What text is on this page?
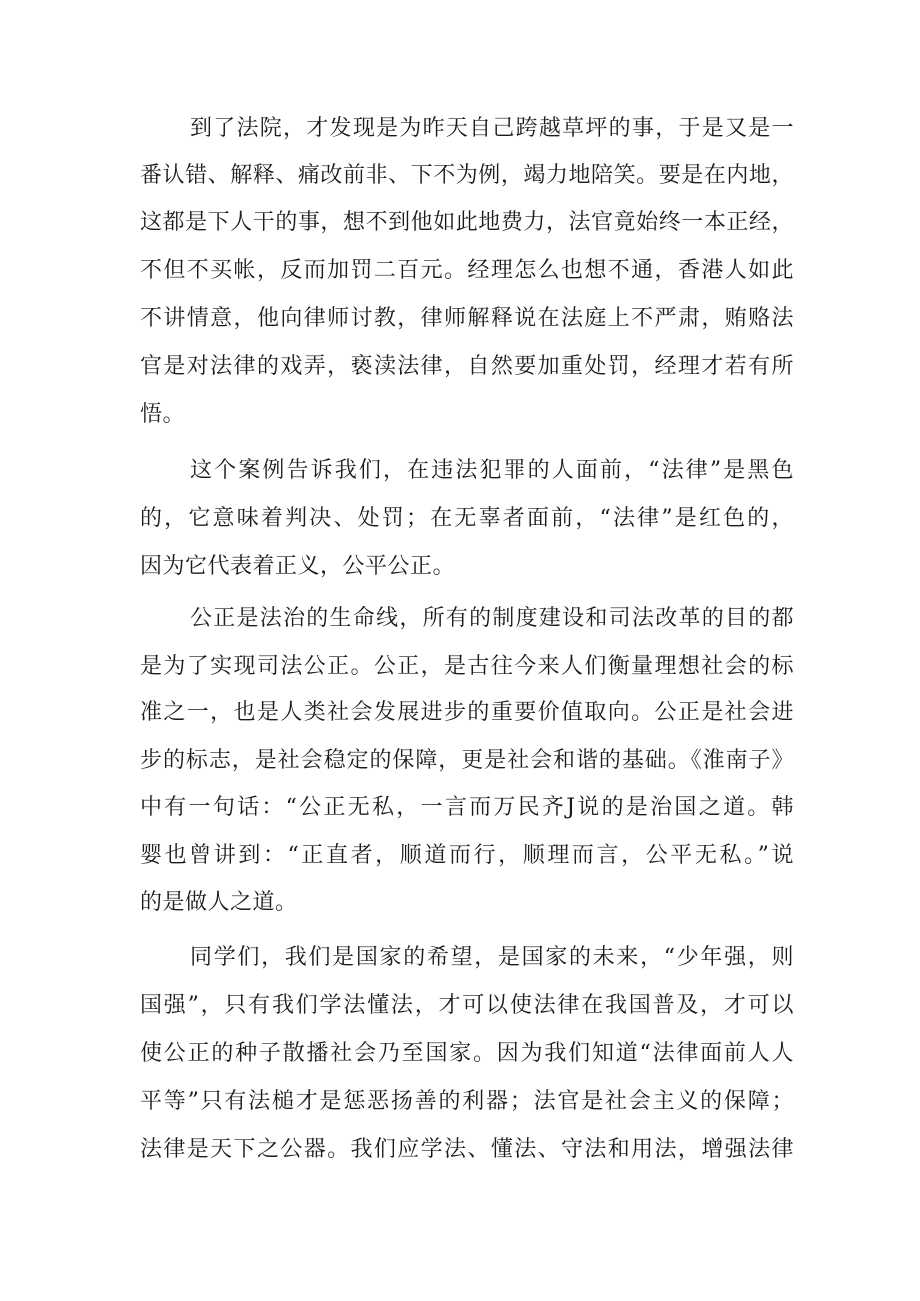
到了法院，才发现是为昨天自己跨越草坪的事，于是又是一
番认错、解释、痛改前非、下不为例，竭力地陪笑。要是在内地，
这都是下人干的事，想不到他如此地费力，法官竟始终一本正经，
不但不买帐，反而加罚二百元。经理怎么也想不通，香港人如此
不讲情意，他向律师讨教，律师解释说在法庭上不严肃，贿赂法
官是对法律的戏弄，亵渎法律，自然要加重处罚，经理才若有所
悟。
这个案例告诉我们，在违法犯罪的人面前，“法律”是黑色
的，它意味着判决、处罚；在无辜者面前，“法律”是红色的，
因为它代表着正义，公平公正。
公正是法治的生命线，所有的制度建设和司法改革的目的都
是为了实现司法公正。公正，是古往今来人们衡量理想社会的标
准之一，也是人类社会发展进步的重要价值取向。公正是社会进
步的标志，是社会稳定的保障，更是社会和谐的基础。《淮南子》
中有一句话：“公正无私，一言而万民齐J说的是治国之道。韩
婴也曾讲到：“正直者，顺道而行，顺理而言，公平无私。”说
的是做人之道。
同学们，我们是国家的希望，是国家的未来，“少年强，则
国强”，只有我们学法懂法，才可以使法律在我国普及，才可以
使公正的种子散播社会乃至国家。因为我们知道“法律面前人人
平等”只有法槌才是惩恶扬善的利器；法官是社会主义的保障；
法律是天下之公器。我们应学法、懂法、守法和用法，增强法律
